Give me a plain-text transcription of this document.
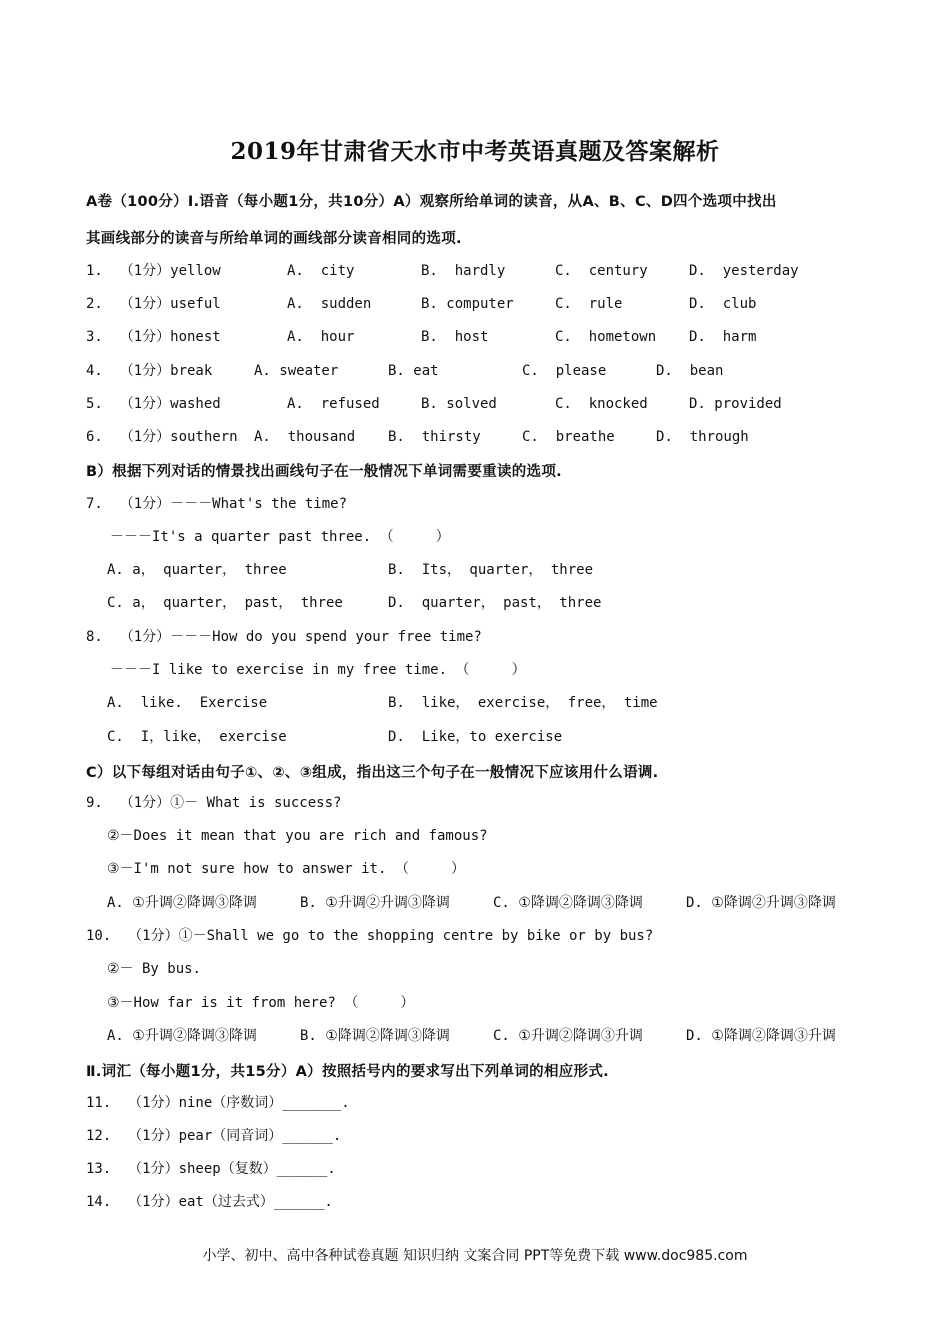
2019年甘肃省天水市中考英语真题及答案解析
A卷（100分）Ⅰ.语音（每小题1分，共10分）A）观察所给单词的读音，从A、B、C、D四个选项中找出
其画线部分的读音与所给单词的画线部分读音相同的选项.
1.  （1分）yellow	A.  city	B.  hardly	C.  century	D.  yesterday
2.  （1分）useful	A.  sudden	B. computer	C.  rule	D.  club
3.  （1分）honest	A.  hour	B.  host	C.  hometown D.  harm
4.  （1分）break	A. sweater	B. eat	C.  please	D.  bean
5.  （1分）washed	A.  refused	B. solved	C.  knocked	D. provided
6.  （1分）southern A.  thousand B.  thirsty	C.  breathe	D.  through
B）根据下列对话的情景找出画线句子在一般情况下单词需要重读的选项.
7.  （1分）－－－What's the time?
－－－It's a quarter past three. （     ）
A. a， quarter， three	B.  Its， quarter， three
C. a， quarter， past， three	D.  quarter， past， three
8.  （1分）－－－How do you spend your free time?
－－－I like to exercise in my free time. （     ）
A.  like.  Exercise	B.  like， exercise， free， time
C.  I，like， exercise	D.  Like，to exercise
C）以下每组对话由句子①、②、③组成，指出这三个句子在一般情况下应该用什么语调.
9.  （1分）①－ What is success?
②－Does it mean that you are rich and famous?
③－I'm not sure how to answer it. （     ）
A. ①升调②降调③降调	B. ①升调②升调③降调	C. ①降调②降调③降调	D. ①降调②升调③降调
10.  （1分）①－Shall we go to the shopping centre by bike or by bus?
②－ By bus.
③－How far is it from here? （     ）
A. ①升调②降调③降调	B. ①降调②降调③降调	C. ①升调②降调③升调	D. ①降调②降调③升调
Ⅱ.词汇（每小题1分，共15分）A）按照括号内的要求写出下列单词的相应形式.
11.  （1分）nine（序数词）_______.
12.  （1分）pear（同音词）______.
13.  （1分）sheep（复数）______.
14.  （1分）eat（过去式）______.
小学、初中、高中各种试卷真题 知识归纳 文案合同 PPT等免费下载 www.doc985.com
